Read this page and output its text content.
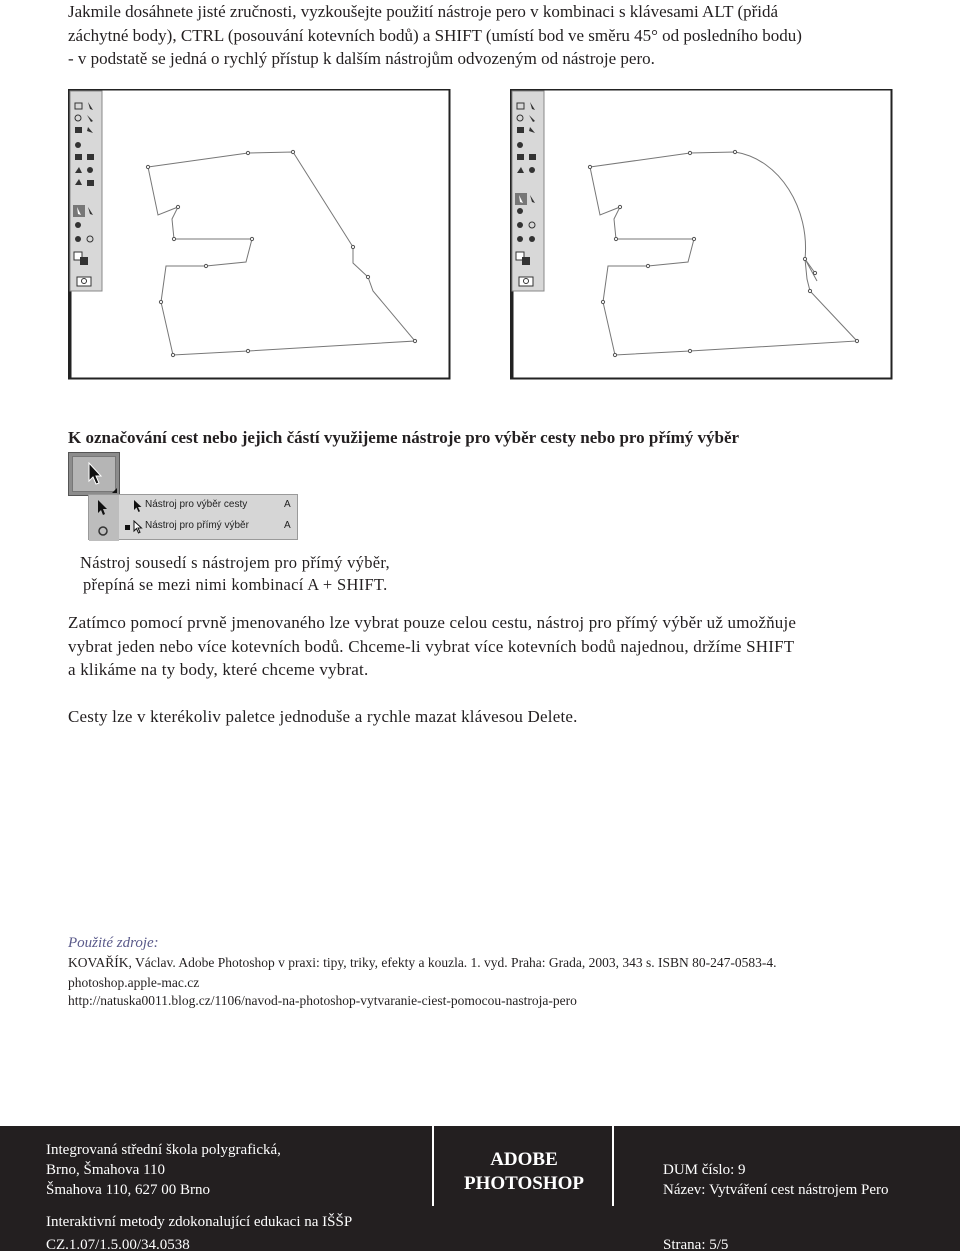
Jakmile dosáhnete jisté zručnosti, vyzkoušejte použití nástroje pero v kombinaci s klávesami ALT (přidá
záchytné body), CTRL (posouvání kotevních bodů) a SHIFT (umístí bod ve směru 45° od posledního bodu)
- v podstatě se jedná o rychlý přístup k dalším nástrojům odvozeným od nástroje pero.
K označování cest nebo jejich částí využijeme nástroje pro výběr cesty nebo pro přímý výběr
Nástroj pro výběr cesty	A
Nástroj pro přímý výběr	A
Nástroj sousedí s nástrojem pro přímý výběr,
přepíná se mezi nimi kombinací A + SHIFT.
Zatímco pomocí prvně jmenovaného lze vybrat pouze celou cestu, nástroj pro přímý výběr už umožňuje
vybrat jeden nebo více kotevních bodů. Chceme-li vybrat více kotevních bodů najednou, držíme SHIFT
a klikáme na ty body, které chceme vybrat.
Cesty lze v kterékoliv paletce jednoduše a rychle mazat klávesou Delete.
Použité zdroje:
KOVAŘÍK, Václav. Adobe Photoshop v praxi: tipy, triky, efekty a kouzla. 1. vyd. Praha: Grada, 2003, 343 s. ISBN 80-247-0583-4.
photoshop.apple-mac.cz
http://natuska0011.blog.cz/1106/navod-na-photoshop-vytvaranie-ciest-pomocou-nastroja-pero
Integrovaná střední škola polygrafická,
Brno, Šmahova 110
Šmahova 110, 627 00 Brno
ADOBE
PHOTOSHOP
DUM číslo: 9
Název: Vytváření cest nástrojem Pero
Interaktivní metody zdokonalující edukaci na IŠŠP
CZ.1.07/1.5.00/34.0538	Strana: 5/5
